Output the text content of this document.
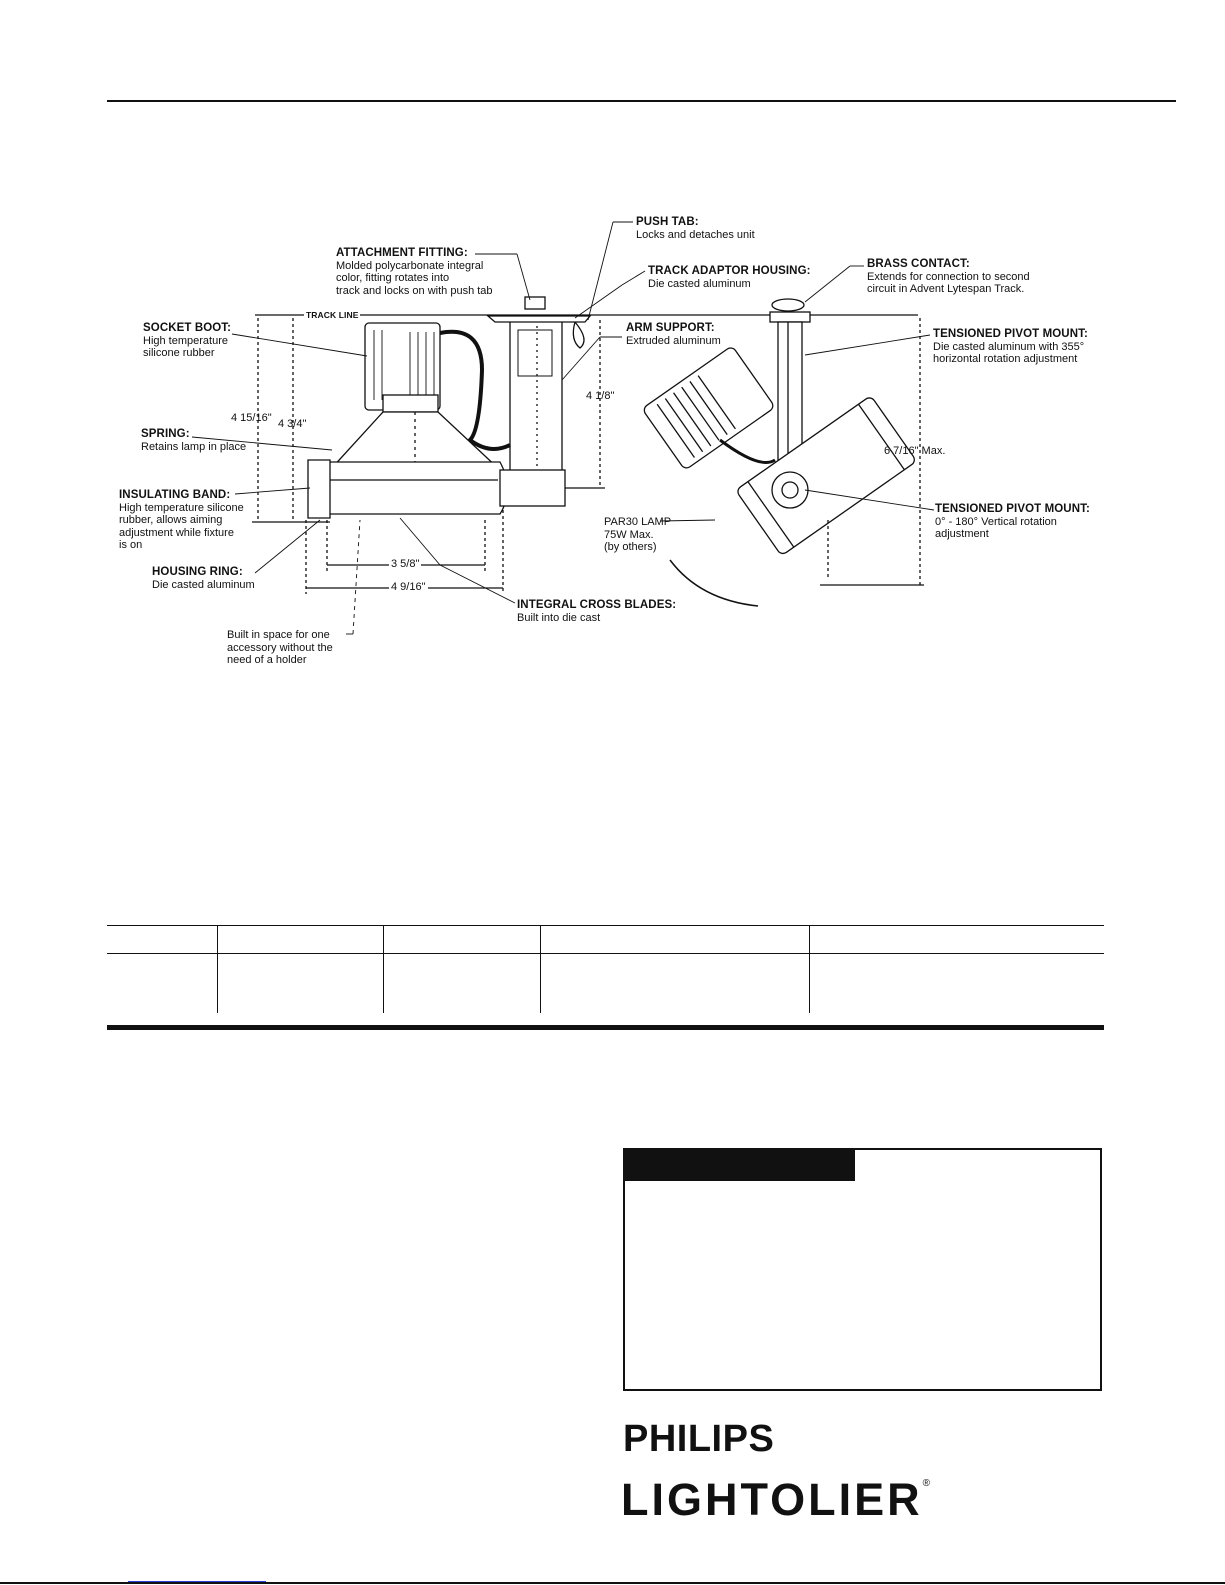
PUSH TAB:
Locks and detaches unit
ATTACHMENT FITTING:
Molded polycarbonate integral
color, fitting rotates into
track and locks on with push tab
TRACK ADAPTOR HOUSING:
Die casted aluminum
BRASS CONTACT:
Extends for connection to second
circuit in Advent Lytespan Track.
TRACK LINE
SOCKET BOOT:
High temperature
silicone rubber
ARM SUPPORT:
Extruded aluminum
TENSIONED PIVOT MOUNT:
Die casted aluminum with 355°
horizontal rotation adjustment
SPRING:
Retains lamp in place
INSULATING BAND:
High temperature silicone
rubber, allows aiming
adjustment while fixture
is on
TENSIONED PIVOT MOUNT:
0° - 180° Vertical rotation
adjustment
PAR30 LAMP
75W Max.
(by others)
HOUSING RING:
Die casted aluminum
INTEGRAL CROSS BLADES:
Built into die cast
Built in space for one
accessory without the
need of a holder
4 15/16" 4 3/4"
4 1/8"
6 7/16" Max.
3 5/8"
4 9/16"
PHILIPS
LIGHTOLIER®
